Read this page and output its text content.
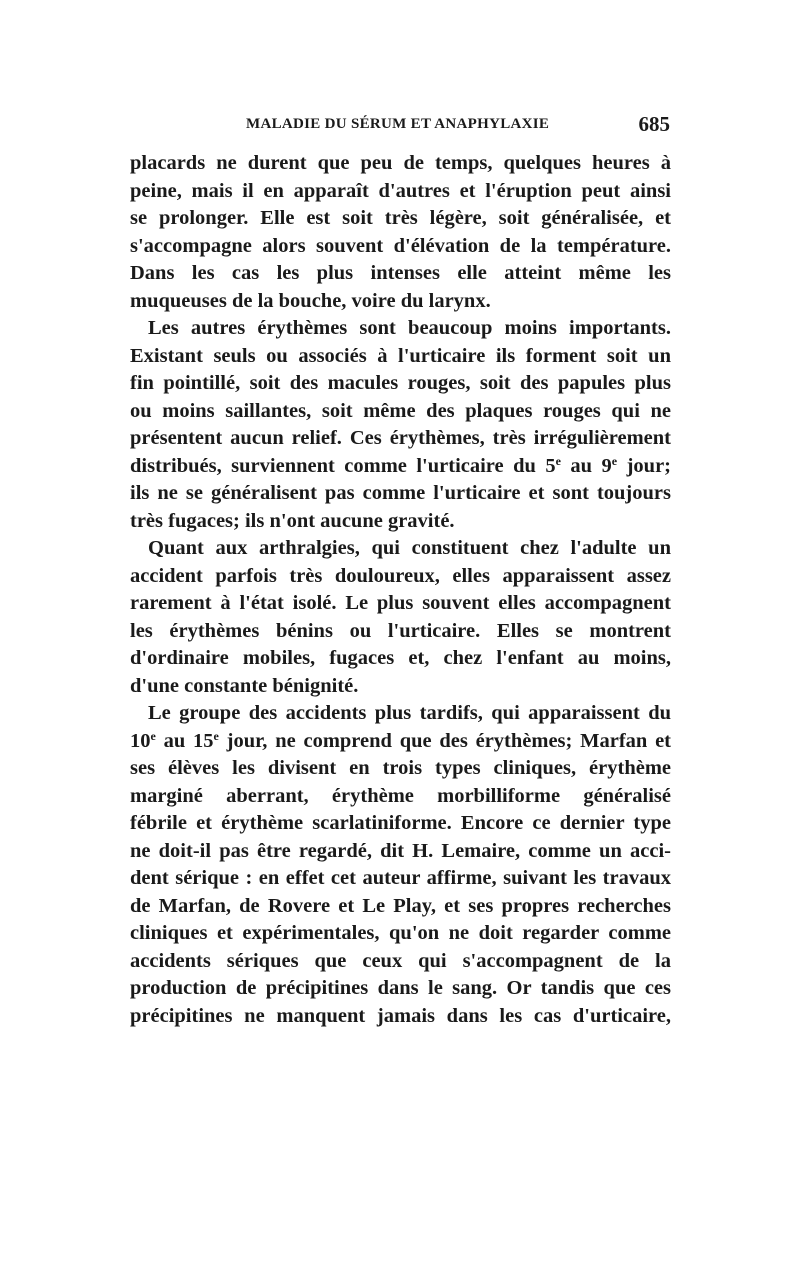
MALADIE DU SÉRUM ET ANAPHYLAXIE	685
placards ne durent que peu de temps, quelques heures à
peine, mais il en apparaît d'autres et l'éruption peut ainsi
se prolonger. Elle est soit très légère, soit généralisée, et
s'accompagne alors souvent d'élévation de la température.
Dans les cas les plus intenses elle atteint même les
muqueuses de la bouche, voire du larynx.
Les autres érythèmes sont beaucoup moins importants.
Existant seuls ou associés à l'urticaire ils forment soit un
fin pointillé, soit des macules rouges, soit des papules plus
ou moins saillantes, soit même des plaques rouges qui ne
présentent aucun relief. Ces érythèmes, très irrégulièrement
distribués, surviennent comme l'urticaire du 5e au 9e jour;
ils ne se généralisent pas comme l'urticaire et sont toujours
très fugaces; ils n'ont aucune gravité.
Quant aux arthralgies, qui constituent chez l'adulte un
accident parfois très douloureux, elles apparaissent assez
rarement à l'état isolé. Le plus souvent elles accompagnent
les érythèmes bénins ou l'urticaire. Elles se montrent
d'ordinaire mobiles, fugaces et, chez l'enfant au moins,
d'une constante bénignité.
Le groupe des accidents plus tardifs, qui apparaissent du
10e au 15e jour, ne comprend que des érythèmes; Marfan et
ses élèves les divisent en trois types cliniques, érythème
marginé aberrant, érythème morbilliforme généralisé
fébrile et érythème scarlatiniforme. Encore ce dernier type
ne doit-il pas être regardé, dit H. Lemaire, comme un acci-
dent sérique : en effet cet auteur affirme, suivant les travaux
de Marfan, de Rovere et Le Play, et ses propres recherches
cliniques et expérimentales, qu'on ne doit regarder comme
accidents sériques que ceux qui s'accompagnent de la
production de précipitines dans le sang. Or tandis que ces
précipitines ne manquent jamais dans les cas d'urticaire,
